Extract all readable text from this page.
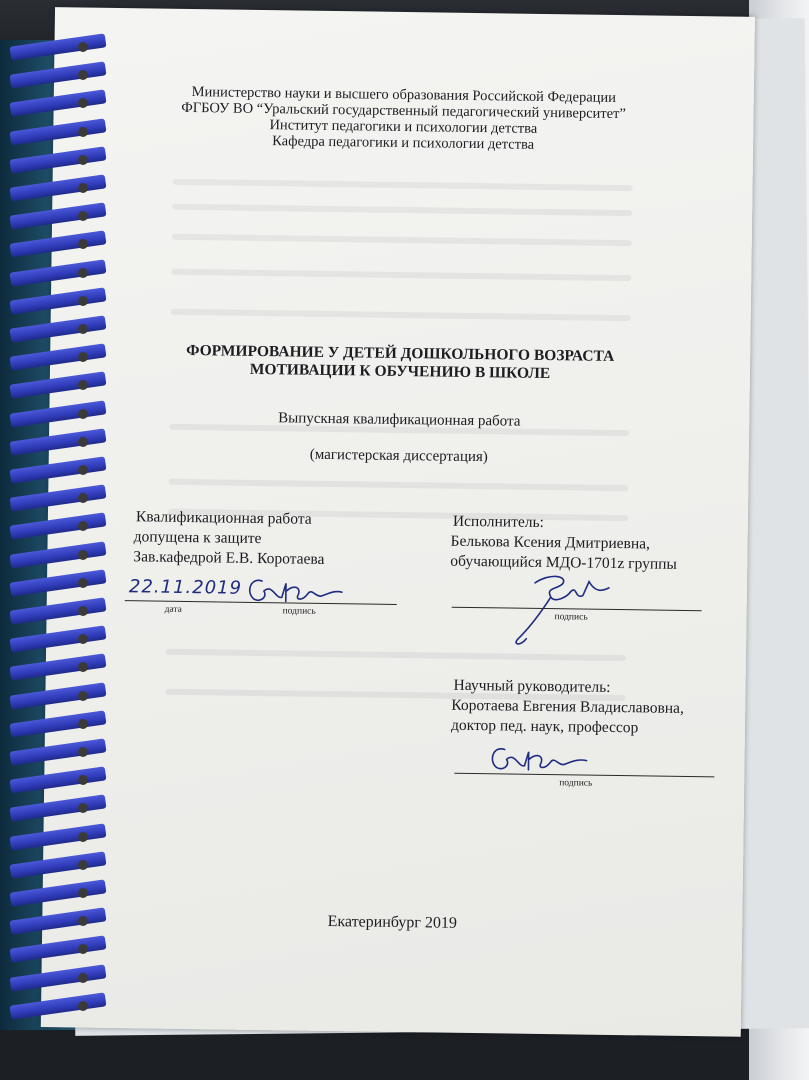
Министерство науки и высшего образования Российской Федерации
ФГБОУ ВО “Уральский государственный педагогический университет”
Институт педагогики и психологии детства
Кафедра педагогики и психологии детства
ФОРМИРОВАНИЕ У ДЕТЕЙ ДОШКОЛЬНОГО ВОЗРАСТА
МОТИВАЦИИ К ОБУЧЕНИЮ В ШКОЛЕ
Выпускная квалификационная работа
(магистерская диссертация)
Квалификационная работа
допущена к защите
Зав.кафедрой Е.В. Коротаева
22.11.2019
дата	подпись
Исполнитель:
Белькова Ксения Дмитриевна,
обучающийся МДО-1701z группы
подпись
Научный руководитель:
Коротаева Евгения Владиславовна,
доктор пед. наук, профессор
подпись
Екатеринбург 2019
